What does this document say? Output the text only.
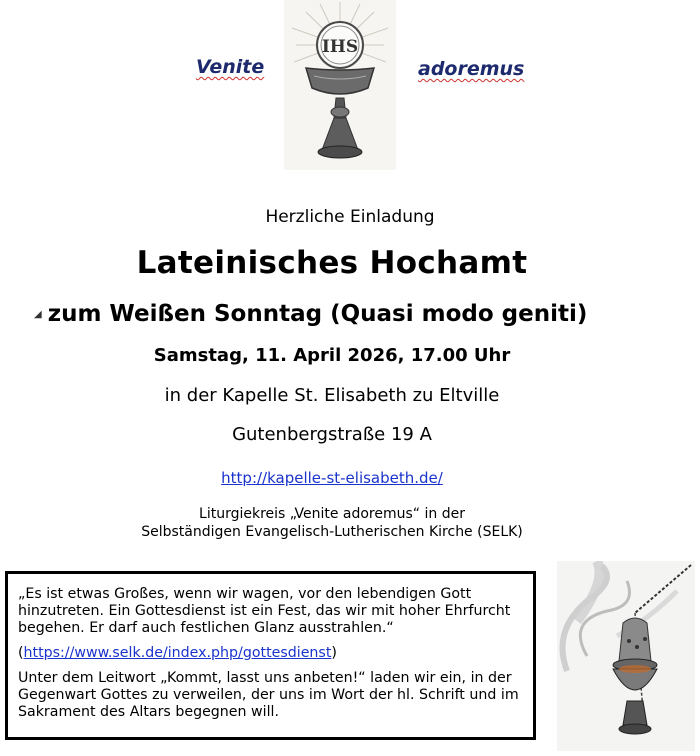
Venite
IHS
adoremus
Herzliche Einladung
Lateinisches Hochamt
◢ zum Weißen Sonntag (Quasi modo geniti)
Samstag, 11. April 2026, 17.00 Uhr
in der Kapelle St. Elisabeth zu Eltville
Gutenbergstraße 19 A
http://kapelle-st-elisabeth.de/
Liturgiekreis „Venite adoremus“ in der
Selbständigen Evangelisch-Lutherischen Kirche (SELK)

„Es ist etwas Großes, wenn wir wagen, vor den lebendigen Gott hinzutreten. Ein Gottesdienst ist ein Fest, das wir mit hoher Ehrfurcht begehen. Er darf auch festlichen Glanz ausstrahlen.“

(https://www.selk.de/index.php/gottesdienst)

Unter dem Leitwort „Kommt, lasst uns anbeten!“ laden wir ein, in der Gegenwart Gottes zu verweilen, der uns im Wort der hl. Schrift und im Sakrament des Altars begegnen will.
